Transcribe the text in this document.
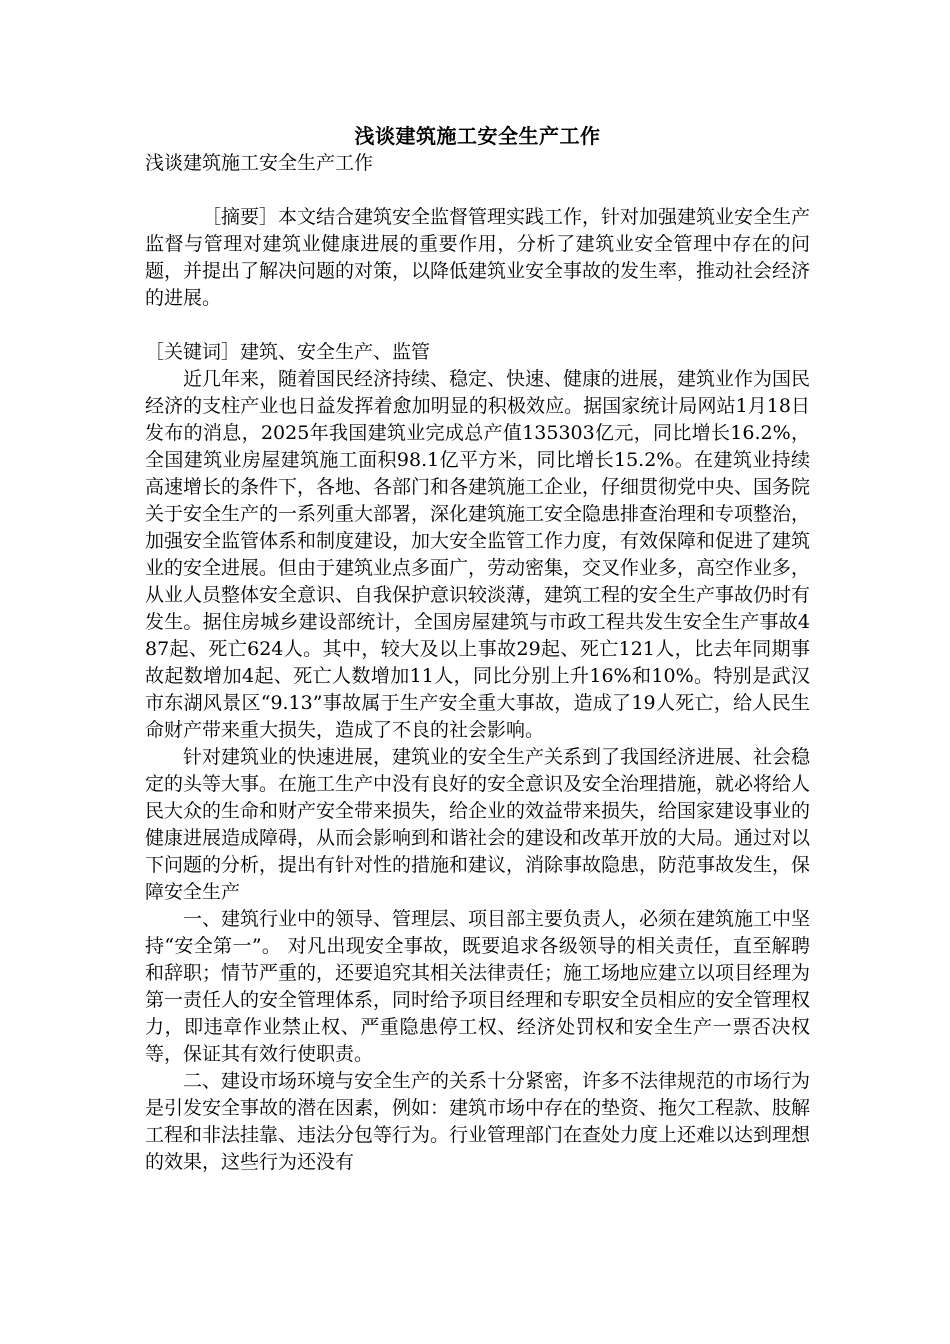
浅谈建筑施工安全生产工作

浅谈建筑施工安全生产工作

［摘要］本文结合建筑安全监督管理实践工作，针对加强建筑业安全生产监督与管理对建筑业健康进展的重要作用，分析了建筑业安全管理中存在的问题，并提出了解决问题的对策，以降低建筑业安全事故的发生率，推动社会经济的进展。

［关键词］建筑、安全生产、监管

近几年来，随着国民经济持续、稳定、快速、健康的进展，建筑业作为国民经济的支柱产业也日益发挥着愈加明显的积极效应。据国家统计局网站1月18日发布的消息，2025年我国建筑业完成总产值135303亿元，同比增长16.2%，全国建筑业房屋建筑施工面积98.1亿平方米，同比增长15.2%。在建筑业持续高速增长的条件下，各地、各部门和各建筑施工企业，仔细贯彻党中央、国务院关于安全生产的一系列重大部署，深化建筑施工安全隐患排查治理和专项整治，加强安全监管体系和制度建设，加大安全监管工作力度，有效保障和促进了建筑业的安全进展。但由于建筑业点多面广，劳动密集，交叉作业多，高空作业多，从业人员整体安全意识、自我保护意识较淡薄，建筑工程的安全生产事故仍时有发生。据住房城乡建设部统计，全国房屋建筑与市政工程共发生安全生产事故487起、死亡624人。其中，较大及以上事故29起、死亡121人，比去年同期事故起数增加4起、死亡人数增加11人，同比分别上升16%和10%。特别是武汉市东湖风景区“9.13”事故属于生产安全重大事故，造成了19人死亡，给人民生命财产带来重大损失，造成了不良的社会影响。

针对建筑业的快速进展，建筑业的安全生产关系到了我国经济进展、社会稳定的头等大事。在施工生产中没有良好的安全意识及安全治理措施，就必将给人民大众的生命和财产安全带来损失，给企业的效益带来损失，给国家建设事业的健康进展造成障碍，从而会影响到和谐社会的建设和改革开放的大局。通过对以下问题的分析，提出有针对性的措施和建议，消除事故隐患，防范事故发生，保障安全生产

一、建筑行业中的领导、管理层、项目部主要负责人，必须在建筑施工中坚持“安全第一”。 对凡出现安全事故，既要追求各级领导的相关责任，直至解聘和辞职；情节严重的，还要追究其相关法律责任；施工场地应建立以项目经理为第一责任人的安全管理体系，同时给予项目经理和专职安全员相应的安全管理权力，即违章作业禁止权、严重隐患停工权、经济处罚权和安全生产一票否决权等，保证其有效行使职责。

二、建设市场环境与安全生产的关系十分紧密，许多不法律规范的市场行为是引发安全事故的潜在因素，例如：建筑市场中存在的垫资、拖欠工程款、肢解工程和非法挂靠、违法分包等行为。行业管理部门在查处力度上还难以达到理想的效果，这些行为还没有
